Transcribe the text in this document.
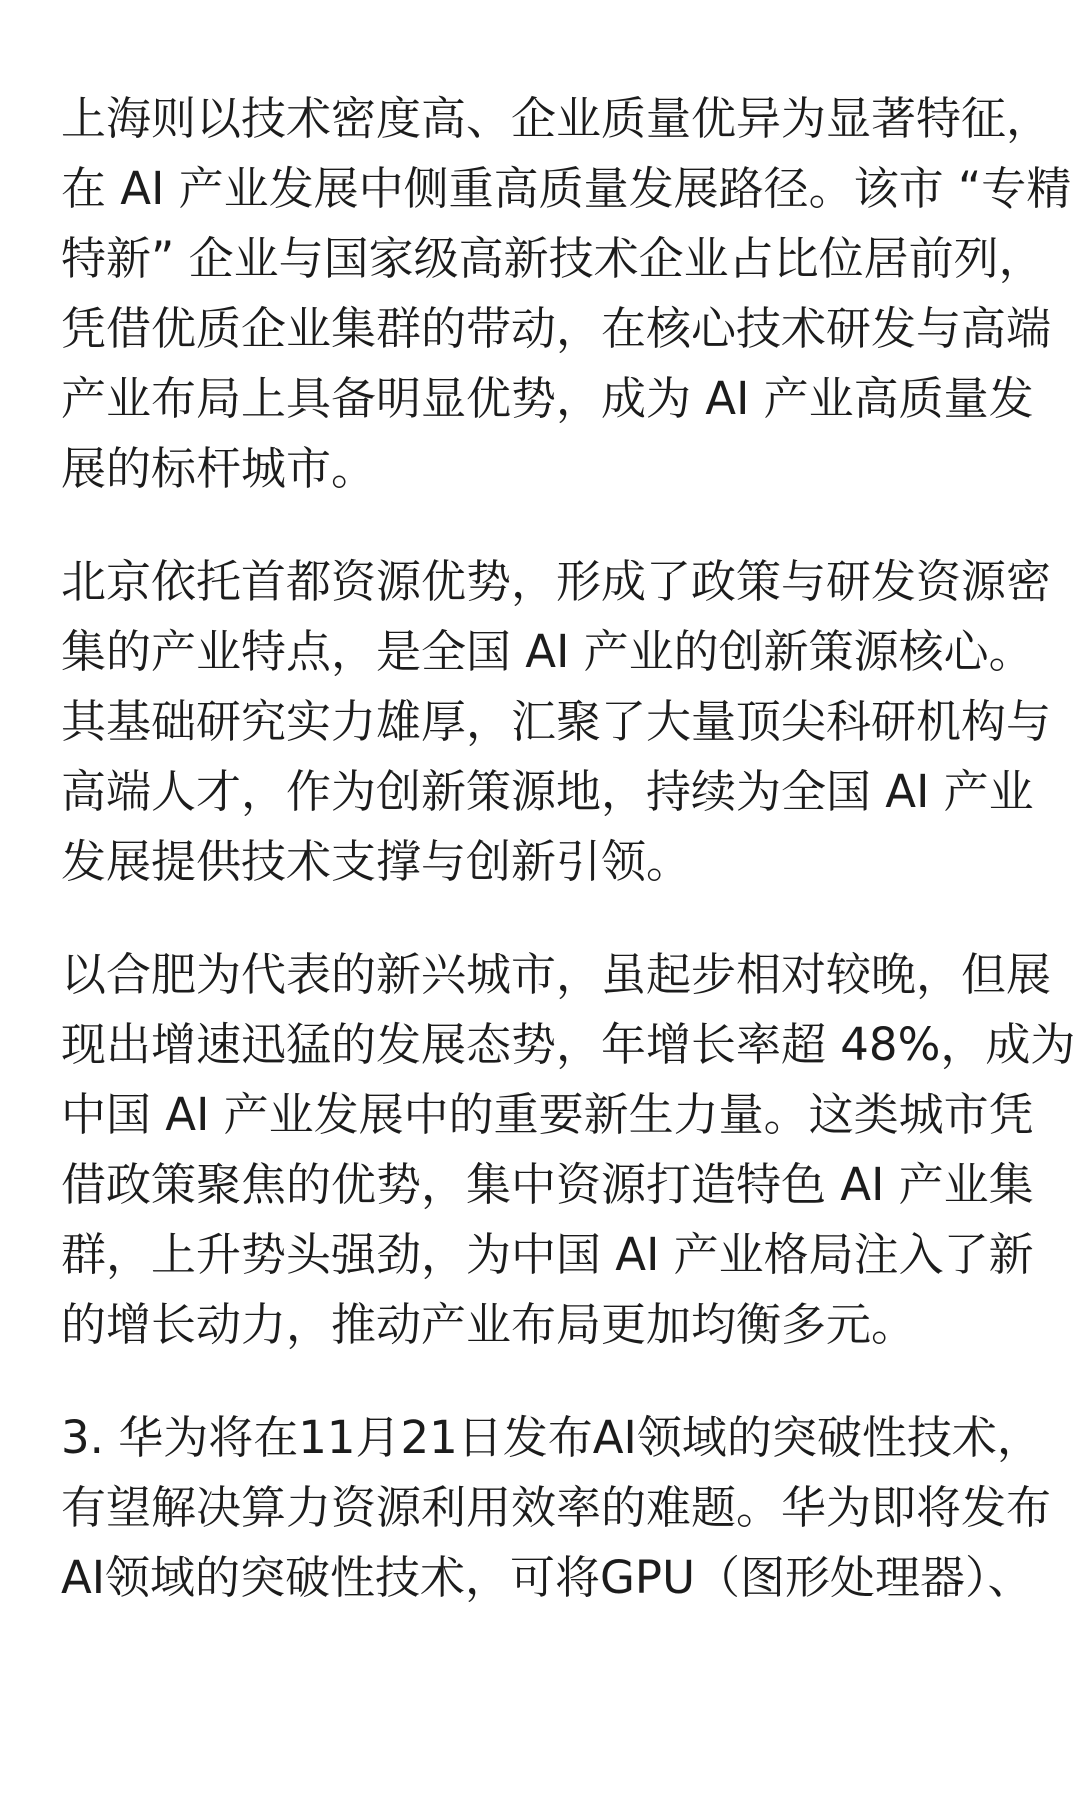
上海则以技术密度高、企业质量优异为显著特征，
在 AI 产业发展中侧重高质量发展路径。该市 “专精
特新” 企业与国家级高新技术企业占比位居前列，
凭借优质企业集群的带动，在核心技术研发与高端
产业布局上具备明显优势，成为 AI 产业高质量发
展的标杆城市。
北京依托首都资源优势，形成了政策与研发资源密
集的产业特点，是全国 AI 产业的创新策源核心。
其基础研究实力雄厚，汇聚了大量顶尖科研机构与
高端人才，作为创新策源地，持续为全国 AI 产业
发展提供技术支撑与创新引领。
以合肥为代表的新兴城市，虽起步相对较晚，但展
现出增速迅猛的发展态势，年增长率超 48%，成为
中国 AI 产业发展中的重要新生力量。这类城市凭
借政策聚焦的优势，集中资源打造特色 AI 产业集
群，上升势头强劲，为中国 AI 产业格局注入了新
的增长动力，推动产业布局更加均衡多元。
3. 华为将在11月21日发布AI领域的突破性技术，
有望解决算力资源利用效率的难题。华为即将发布
AI领域的突破性技术，可将GPU（图形处理器）、
